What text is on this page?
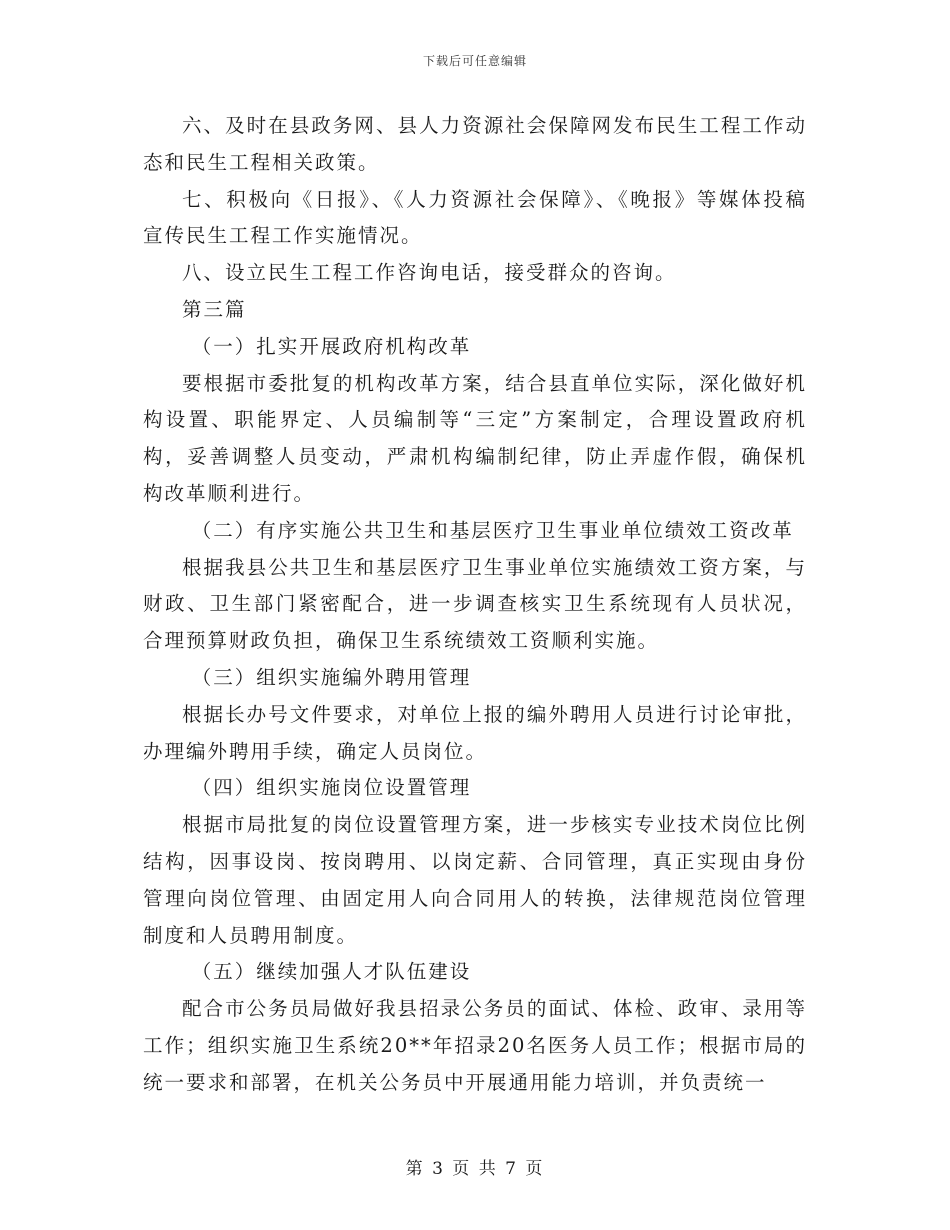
下载后可任意编辑

六、及时在县政务网、县人力资源社会保障网发布民生工程工作动态和民生工程相关政策。

七、积极向《日报》、《人力资源社会保障》、《晚报》等媒体投稿宣传民生工程工作实施情况。

八、设立民生工程工作咨询电话，接受群众的咨询。

第三篇

（一）扎实开展政府机构改革

要根据市委批复的机构改革方案，结合县直单位实际，深化做好机构设置、职能界定、人员编制等“三定”方案制定，合理设置政府机构，妥善调整人员变动，严肃机构编制纪律，防止弄虚作假，确保机构改革顺利进行。

（二）有序实施公共卫生和基层医疗卫生事业单位绩效工资改革

根据我县公共卫生和基层医疗卫生事业单位实施绩效工资方案，与财政、卫生部门紧密配合，进一步调查核实卫生系统现有人员状况，合理预算财政负担，确保卫生系统绩效工资顺利实施。

（三）组织实施编外聘用管理

根据长办号文件要求，对单位上报的编外聘用人员进行讨论审批，办理编外聘用手续，确定人员岗位。

（四）组织实施岗位设置管理

根据市局批复的岗位设置管理方案，进一步核实专业技术岗位比例结构，因事设岗、按岗聘用、以岗定薪、合同管理，真正实现由身份管理向岗位管理、由固定用人向合同用人的转换，法律规范岗位管理制度和人员聘用制度。

（五）继续加强人才队伍建设

配合市公务员局做好我县招录公务员的面试、体检、政审、录用等工作；组织实施卫生系统20**年招录20名医务人员工作；根据市局的统一要求和部署，在机关公务员中开展通用能力培训，并负责统一

第 3 页 共 7 页
